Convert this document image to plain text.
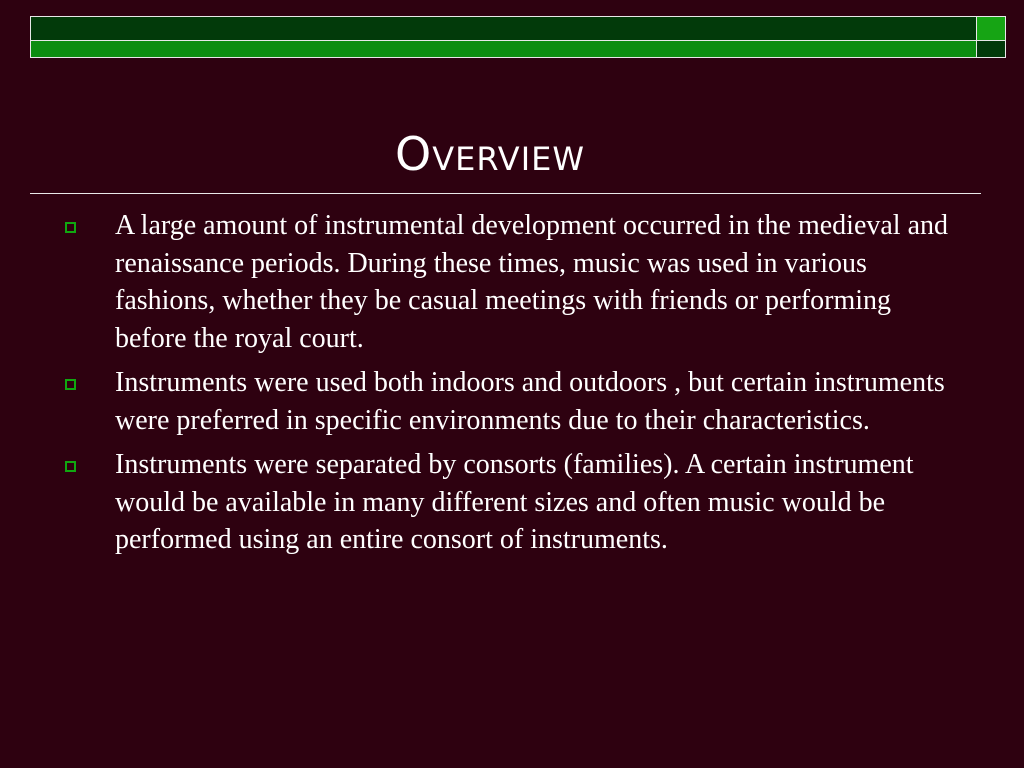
Overview
A large amount of instrumental development occurred in the medieval and renaissance periods. During these times, music was used in various fashions, whether they be casual meetings with friends or performing before the royal court.
Instruments were used both indoors and outdoors , but certain instruments were preferred in specific environments due to their characteristics.
Instruments were separated by consorts (families). A certain instrument would be available in many different sizes and often music would be performed using an entire consort of instruments.
